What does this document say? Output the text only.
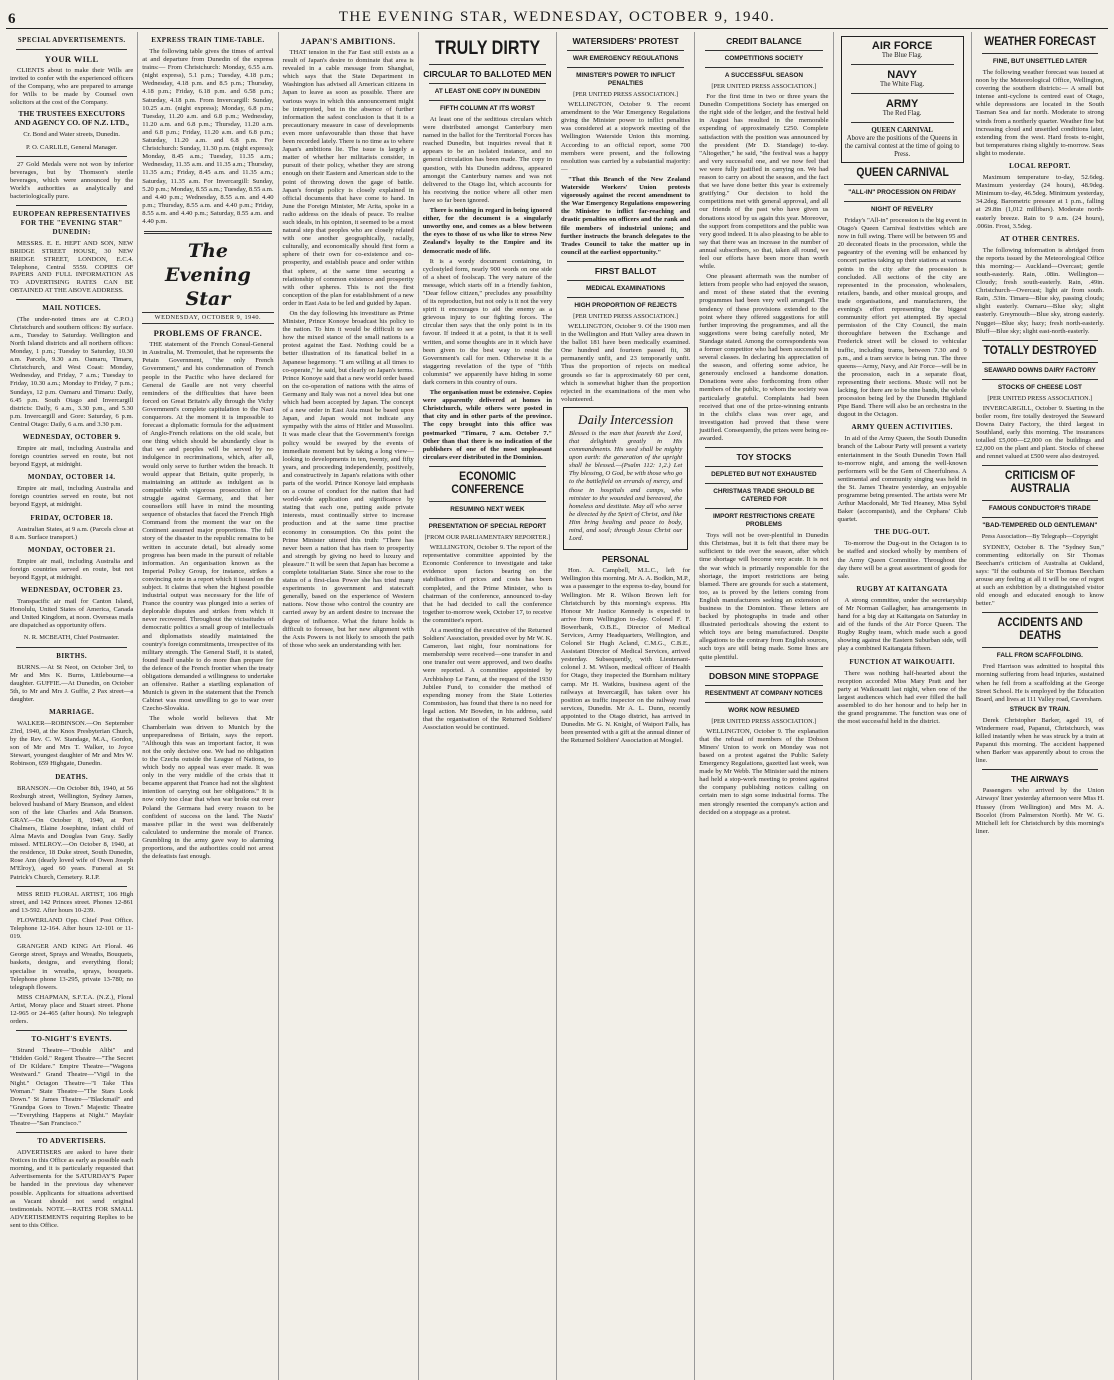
6	THE EVENING STAR, WEDNESDAY, OCTOBER 9, 1940.
SPECIAL ADVERTISEMENTS.
YOUR WILL

CLIENTS about to make their Wills are invited to confer with the experienced officers of the Company, who are prepared to arrange for Wills to be made by Counsel own solicitors at the cost of the Company.

THE TRUSTEES EXECUTORS AND AGENCY CO. OF N.Z. LTD.,
Cr. Bond and Water streets, Dunedin.
P. O. CARLILE, General Manager.

27 Gold Medals were not won by inferior beverages, but by Thomson's sterile beverages, which were announced by the World's authorities as analytically and bacteriologically pure.

EUROPEAN REPRESENTATIVES FOR THE "EVENING STAR" DUNEDIN:

MESSRS. E. E. HEPT AND SON, NEW BRIDGE STREET HOUSE, 30 NEW BRIDGE STREET, LONDON, E.C.4. Telephone, Central 5559. COPIES OF PAPERS AND FULL INFORMATION AS TO ADVERTISING RATES CAN BE OBTAINED AT THE ABOVE ADDRESS.

MAIL NOTICES.

(The under-noted times are at C.P.O.) Christchurch and southern offices: By surface. a.m., Tuesday to Saturday. Wellington and North Island districts and all northern offices: Monday, 1 p.m.; Tuesday to Saturday, 10.30 a.m. Parcels, 9.30 a.m. Oamaru, Timaru, Christchurch, and West Coast: Monday, Wednesday, and Friday, 7 a.m.; Tuesday to Friday, 10.30 a.m.; Monday to Friday, 7 p.m.; Sundays, 12 p.m. Oamaru and Timaru: Daily, 6.45 p.m. South Otago and Invercargill districts: Daily, 6 a.m., 3.30 p.m., and 5.30 p.m. Invercargill and Gore: Saturday, 6 p.m. Central Otago: Daily, 6 a.m. and 3.30 p.m.

WEDNESDAY, OCTOBER 9.

Empire air mail, including Australia and foreign countries served en route, but not beyond Egypt, at midnight.

MONDAY, OCTOBER 14.

Empire air mail, including Australia and foreign countries served en route, but not beyond Egypt, at midnight.

FRIDAY, OCTOBER 18.

Australian States, at 9 a.m. (Parcels close at 8 a.m. Surface transport.)

MONDAY, OCTOBER 21.

Empire air mail, including Australia and foreign countries served en route, but not beyond Egypt, at midnight.

WEDNESDAY, OCTOBER 23.

Transpacific air mail for Canton Island, Honolulu, United States of America, Canada and United Kingdom, at noon. Overseas mails are dispatched as opportunity offers.

N. R. MCBEATH, Chief Postmaster.
BIRTHS.

BURNS.—At St Neot, on October 3rd, to Mr and Mrs K. Burns, Littlebourne—a daughter. GUFFIE.—At Dunedin, on October 5th, to Mr and Mrs J. Guffie, 2 Pax street—a daughter.

MARRIAGE.

WALKER—ROBINSON.—On September 23rd, 1940, at the Knox Presbyterian Church, by the Rev. C. W. Standage, M.A., Gordon, son of Mr and Mrs T. Walker, to Joyce Stewart, youngest daughter of Mr and Mrs W. Robinson, 659 Highgate, Dunedin.

DEATHS.

BRANSON.—On October 8th, 1940, at 56 Roxburgh street, Wellington, Sydney James, beloved husband of Mary Branson, and eldest son of the late Charles and Ada Branson. GRAY.—On October 8, 1940, at Port Chalmers, Elaine Josephine, infant child of Alma Mavis and Douglas Ivan Gray. Sadly missed. M'ELROY.—On October 8, 1940, at the residence, 18 Duke street, South Dunedin, Rose Ann (dearly loved wife of Owen Joseph M'Elroy), aged 60 years. Funeral at St Patrick's Church, Cemetery. R.I.P.

MISS REID FLORAL ARTIST, 106 High street, and 142 Princes street. Phones 12-861 and 13-592. After hours 10-239.

FLOWERLAND Opp. Chief Post Office. Telephone 12-164. After hours 12-101 or 11-019.

GRANGER AND KING Art Floral. 46 George street, Sprays and Wreaths, Bouquets, baskets, designs, and everything floral; specialise in wreaths, sprays, bouquets. Telephone phone 13-295, private 13-780; no telegraph flowers.

MISS CHAPMAN, S.F.T.A. (N.Z.), Floral Artist, Moray place and Stuart street. Phone 12-965 or 24-465 (after hours). No telegraph orders.

TO-NIGHT'S EVENTS.

Strand Theatre—"Double Alibi" and "Hidden Gold." Regent Theatre—"The Secret of Dr Kildare." Empire Theatre—"Wagons Westward." Grand Theatre—"Vigil in the Night." Octagon Theatre—"I Take This Woman." State Theatre—"The Stars Look Down." St James Theatre—"Blackmail" and "Grandpa Goes to Town." Majestic Theatre—"Everything Happens at Night." Mayfair Theatre—"San Francisco."

TO ADVERTISERS.

ADVERTISERS are asked to have their Notices in this Office as early as possible each morning, and it is particularly requested that Advertisements for the SATURDAY'S Paper be handed in the previous day whenever possible. Applicants for situations advertised as Vacant should not send original testimonials. NOTE.—RATES FOR SMALL ADVERTISEMENTS requiring Replies to be sent to this Office.

EXPRESS TRAIN TIME-TABLE.

The following table gives the times of arrival at and departure from Dunedin of the express trains:— From Christchurch: Monday, 6.55 a.m. (night express), 5.1 p.m.; Tuesday, 4.18 p.m.; Wednesday, 4.18 p.m. and 8.5 p.m.; Thursday, 4.18 p.m.; Friday, 6.18 p.m. and 6.58 p.m.; Saturday, 4.18 p.m. From Invercargill: Sunday, 10.25 a.m. (night express); Monday, 6.8 p.m.; Tuesday, 11.20 a.m. and 6.8 p.m.; Wednesday, 11.20 a.m. and 6.8 p.m.; Thursday, 11.20 a.m. and 6.8 p.m.; Friday, 11.20 a.m. and 6.8 p.m.; Saturday, 11.20 a.m. and 6.8 p.m. For Christchurch: Sunday, 11.30 p.m. (night express); Monday, 8.45 a.m.; Tuesday, 11.35 a.m.; Wednesday, 11.35 a.m. and 11.35 a.m.; Thursday, 11.35 a.m.; Friday, 8.45 a.m. and 11.35 a.m.; Saturday, 11.35 a.m. For Invercargill: Sunday, 5.20 p.m.; Monday, 8.55 a.m.; Tuesday, 8.55 a.m. and 4.40 p.m.; Wednesday, 8.55 a.m. and 4.40 p.m.; Thursday, 8.55 a.m. and 4.40 p.m.; Friday, 8.55 a.m. and 4.40 p.m.; Saturday, 8.55 a.m. and 4.40 p.m.

The Evening Star
WEDNESDAY, OCTOBER 9, 1940.
PROBLEMS OF FRANCE.

THE statement of the French Consul-General in Australia, M. Tremoulet, that he represents the Petain Government, "the only French Government," and his condemnation of French people in the Pacific who have declared for General de Gaulle are not very cheerful reminders of the difficulties that have been forced on Great Britain's ally through the Vichy Government's complete capitulation to the Nazi conquerors. At the moment it is impossible to forecast a diplomatic formula for the adjustment of Anglo-French relations on the old scale, but one thing which should be abundantly clear is that we and peoples will be served by no indulgence in recriminations, which, after all, would only serve to further widen the breach. It would appear that Britain, quite properly, is maintaining an attitude as indulgent as is compatible with vigorous prosecution of her struggle against Germany, and that her counsellors still have in mind the mounting sequence of obstacles that faced the French High Command from the moment the war on the Continent assumed major proportions. The full story of the disaster in the republic remains to be written in accurate detail, but already some progress has been made in the pursuit of reliable information. An organisation known as the Imperial Policy Group, for instance, strikes a convincing note in a report which it issued on the subject. It claims that when the highest possible industrial output was necessary for the life of France the country was plunged into a series of deplorable disputes and strikes from which it never recovered. Throughout the vicissitudes of democratic politics a small group of intellectuals and diplomatists steadily maintained the country's foreign commitments, irrespective of its military strength. The General Staff, it is stated, found itself unable to do more than prepare for the defence of the French frontier when the treaty obligations demanded a willingness to undertake an offensive. Rather a startling explanation of Munich is given in the statement that the French Cabinet was most unwilling to go to war over Czecho-Slovakia.

The whole world believes that Mr Chamberlain was driven to Munich by the unpreparedness of Britain, says the report. "Although this was an important factor, it was not the only decisive one. We had no obligation to the Czechs outside the League of Nations, to which body no appeal was ever made. It was only in the very middle of the crisis that it became apparent that France had not the slightest intention of carrying out her obligations." It is now only too clear that when war broke out over Poland the Germans had every reason to be confident of success on the land. The Nazis' massive pillar in the west was deliberately calculated to undermine the morale of France. Grumbling in the army gave way to alarming proportions, and the authorities could not arrest the defeatists fast enough.

JAPAN'S AMBITIONS.

THAT tension in the Far East still exists as a result of Japan's desire to dominate that area is revealed in a cable message from Shanghai, which says that the State Department in Washington has advised all American citizens in Japan to leave as soon as possible. There are various ways in which this announcement might be interpreted, but in the absence of further information the safest conclusion is that it is a precautionary measure in case of developments even more unfavourable than those that have been recorded lately. There is no time as to where Japan's ambitions lie. The issue is largely a matter of whether her militarists consider, in pursuit of their policy, whether they are strong enough on their Eastern and American side to the point of throwing down the gage of battle. Japan's foreign policy is closely explained in official documents that have come to hand. In June the Foreign Minister, Mr Arita, spoke in a radio address on the ideals of peace. To realise such ideals, in his opinion, it seemed to be a most natural step that peoples who are closely related with one another geographically, racially, culturally, and economically should first form a sphere of their own for co-existence and co-prosperity, and establish peace and order within that sphere, at the same time securing a relationship of common existence and prosperity with other spheres. This is not the first conception of the plan for establishment of a new order in East Asia to be led and guided by Japan.

On the day following his investiture as Prime Minister, Prince Konoye broadcast his policy to the nation. To him it would be difficult to see how the mixed stance of the small nations is a protest against the East. Nothing could be a better illustration of its fanatical belief in a Japanese hegemony. "I am willing at all times to co-operate," he said, but clearly on Japan's terms. Prince Konoye said that a new world order based on the co-operation of nations with the aims of Germany and Italy was not a novel idea but one which had been accepted by Japan. The concept of a new order in East Asia must be based upon Japan, and Japan would not indicate any sympathy with the aims of Hitler and Mussolini. It was made clear that the Government's foreign policy would be swayed by the events of immediate moment but by taking a long view—looking to developments in ten, twenty, and fifty years, and proceeding independently, positively, and constructively in Japan's relations with other parts of the world. Prince Konoye laid emphasis on a course of conduct for the nation that had world-wide application and significance by stating that each one, putting aside private interests, must continually strive to increase production and at the same time practise economy in consumption. On this point the Prime Minister uttered this truth: "There has never been a nation that has risen to prosperity and strength by giving no heed to luxury and pleasure." It will be seen that Japan has become a complete totalitarian State. Since she rose to the status of a first-class Power she has tried many experiments in government and statecraft generally, based on the experience of Western nations. Now those who control the country are carried away by an ardent desire to increase the degree of influence. What the future holds is difficult to foresee, but her new alignment with the Axis Powers is not likely to smooth the path of those who seek an understanding with her.

TRULY DIRTY
CIRCULAR TO BALLOTED MEN
AT LEAST ONE COPY IN DUNEDIN
FIFTH COLUMN AT ITS WORST

At least one of the seditious circulars which were distributed amongst Canterbury men named in the ballot for the Territorial Forces has reached Dunedin, but inquiries reveal that it appears to be an isolated instance, and no general circulation has been made. The copy in question, with his Dunedin address, appeared amongst the Canterbury names and was not delivered to the Otago list, which accounts for his receiving the notice where all other men have so far been ignored.

There is nothing in regard in being ignored either, for the document is a singularly unworthy one, and comes as a blow between the eyes to those of us who like to stress New Zealand's loyalty to the Empire and its democratic mode of life.

It is a wordy document containing, in cyclostyled form, nearly 900 words on one side of a sheet of foolscap. The very nature of the message, which starts off in a friendly fashion, "Dear fellow citizen," precludes any possibility of its reproduction, but not only is it not the very spirit it encourages to aid the enemy as a grievous injury to our fighting forces. The circular then says that the only point is in its favour. If indeed it at a point, is that it is well written, and some thoughts are in it which have been given to the best way to resist the Government's call for men. Otherwise it is a staggering revelation of the type of "fifth columnist" we apparently have hiding in some dark corners in this country of ours.

The organisation must be extensive. Copies were apparently delivered at homes in Christchurch, while others were posted in that city and in other parts of the province. The copy brought into this office was postmarked "Timaru, 7 a.m. October 7." Other than that there is no indication of the publishers of one of the most unpleasant circulars ever distributed in the Dominion.

ECONOMIC CONFERENCE
RESUMING NEXT WEEK
PRESENTATION OF SPECIAL REPORT
[FROM OUR PARLIAMENTARY REPORTER.]

WELLINGTON, October 9. The report of the representative committee appointed by the Economic Conference to investigate and take evidence upon factors bearing on the stabilisation of prices and costs has been completed, and the Prime Minister, who is chairman of the conference, announced to-day that he had decided to call the conference together to-morrow week, October 17, to receive the committee's report.

At a meeting of the executive of the Returned Soldiers' Association, presided over by Mr W. K. Cameron, last night, four nominations for membership were received—one transfer in and one transfer out were approved, and two deaths were reported. A committee appointed by Archbishop Le Fanu, at the request of the 1930 Jubilee Fund, to consider the method of expending money from the State Lotteries Commission, has found that there is no need for legal action. Mr Bowden, in his address, said that the organisation of the Returned Soldiers' Association would be continued.

WATERSIDERS' PROTEST
WAR EMERGENCY REGULATIONS
MINISTER'S POWER TO INFLICT PENALTIES
[PER UNITED PRESS ASSOCIATION.]

WELLINGTON, October 9. The recent amendment to the War Emergency Regulations giving the Minister power to inflict penalties was considered at a stopwork meeting of the Wellington Waterside Union this morning. According to an official report, some 700 members were present, and the following resolution was carried by a substantial majority:—

"That this Branch of the New Zealand Waterside Workers' Union protests vigorously against the recent amendment to the War Emergency Regulations empowering the Minister to inflict far-reaching and drastic penalties on officers and the rank and file members of industrial unions; and further instructs the branch delegates to the Trades Council to take the matter up in council at the earliest opportunity."

FIRST BALLOT
MEDICAL EXAMINATIONS
HIGH PROPORTION OF REJECTS
[PER UNITED PRESS ASSOCIATION.]

WELLINGTON, October 9. Of the 1900 men in the Wellington and Hutt Valley area drawn in the ballot 181 have been medically examined. One hundred and fourteen passed fit, 38 permanently unfit, and 23 temporarily unfit. Thus the proportion of rejects on medical grounds so far is approximately 60 per cent, which is somewhat higher than the proportion rejected in the examinations of the men who volunteered.

Daily Intercession

Blessed is the man that feareth the Lord, that delighteth greatly in His commandments. His seed shall be mighty upon earth: the generation of the upright shall be blessed.—(Psalm 112: 1,2.) Let Thy blessing, O God, be with those who go to the battlefield on errands of mercy, and those in hospitals and camps, who minister to the wounded and bereaved, the homeless and destitute. May all who serve be directed by the Spirit of Christ, and like Him bring healing and peace to body, mind, and soul; through Jesus Christ our Lord.

PERSONAL

Hon. A. Campbell, M.L.C., left for Wellington this morning. Mr A. A. Bodkin, M.P., was a passenger to the express to-day, bound for Wellington. Mr R. Wilson Brown left for Christchurch by this morning's express. His Honour Mr Justice Kennedy is expected to arrive from Wellington to-day. Colonel F. F. Bowerbank, O.B.E., Director of Medical Services, Army Headquarters, Wellington, and Colonel Sir Hugh Acland, C.M.G., C.B.E., Assistant Director of Medical Services, arrived yesterday. Subsequently, with Lieutenant-colonel J. M. Wilson, medical officer of Health for Otago, they inspected the Burnham military camp. Mr H. Watkins, business agent of the railways at Invercargill, has taken over his position as traffic inspector on the railway road services, Dunedin. Mr A. L. Dunn, recently appointed to the Otago district, has arrived in Dunedin. Mr G. N. Knight, of Waipori Falls, has been presented with a gift at the annual dinner of the Returned Soldiers' Association at Mosgiel.

CREDIT BALANCE
COMPETITIONS SOCIETY
A SUCCESSFUL SEASON
[PER UNITED PRESS ASSOCIATION.]

For the first time in two or three years the Dunedin Competitions Society has emerged on the right side of the ledger, and the festival held in August has resulted in the memorable expending of approximately £250. Complete satisfaction with the position was announced by the president (Mr D. Standage) to-day. "Altogether," he said, "the festival was a happy and very successful one, and we now feel that we were fully justified in carrying on. We had reason to carry on about the season, and the fact that we have done better this year is extremely gratifying." Our decision to hold the competitions met with general approval, and all our friends of the past who have given us donations stood by us again this year. Moreover, the support from competitors and the public was very good indeed. It is also pleasing to be able to say that there was an increase in the number of annual subscribers, so that, taken all round, we feel our efforts have been more than worth while.

One pleasant aftermath was the number of letters from people who had enjoyed the season, and most of these stated that the evening programmes had been very well arranged. The tendency of these provisions extended to the point where they offered suggestions for still further improving the programmes, and all the suggestions were being carefully noted, Mr Standage stated. Among the correspondents was a former competitor who had been successful in several classes. In declaring his appreciation of the season, and offering some advice, he generously enclosed a handsome donation. Donations were also forthcoming from other members of the public, to whom the society was particularly grateful. Complaints had been received that one of the prize-winning entrants in the child's class was over age, and investigation had proved that these were justified. Consequently, the prizes were being re-awarded.

TOY STOCKS
DEPLETED BUT NOT EXHAUSTED
CHRISTMAS TRADE SHOULD BE CATERED FOR
IMPORT RESTRICTIONS CREATE PROBLEMS

Toys will not be over-plentiful in Dunedin this Christmas, but it is felt that there may be sufficient to tide over the season, after which time shortage will become very acute. It is not the war which is primarily responsible for the shortage, the import restrictions are being blamed. There are grounds for such a statement, too, as is proved by the letters coming from English manufacturers seeking an extension of business in the Dominion. These letters are backed by photographs in trade and other illustrated periodicals showing the extent to which toys are being manufactured. Despite allegations to the contrary from English sources, such toys are still being made. Some lines are quite plentiful.

DOBSON MINE STOPPAGE
RESENTMENT AT COMPANY NOTICES
WORK NOW RESUMED
[PER UNITED PRESS ASSOCIATION.]

WELLINGTON, October 9. The explanation that the refusal of members of the Dobson Miners' Union to work on Monday was not based on a protest against the Public Safety Emergency Regulations, gazetted last week, was made by Mr Webb. The Minister said the miners had held a stop-work meeting to protest against the company publishing notices calling on certain men to sign some industrial forms. The men strongly resented the company's action and decided on a stoppage as a protest.

AIR FORCE
The Blue Flag.
NAVY
The White Flag.
ARMY
The Red Flag.
QUEEN CARNIVAL
Above are the positions of the Queens in the carnival contest at the time of going to Press.
QUEEN CARNIVAL
"ALL-IN" PROCESSION ON FRIDAY
NIGHT OF REVELRY

Friday's "All-in" procession is the big event in Otago's Queen Carnival festivities which are now in full swing. There will be between 95 and 20 decorated floats in the procession, while the pageantry of the evening will be enhanced by concert parties taking up their stations at various points in the city after the procession is concluded. All sections of the city are represented in the procession, wholesalers, retailers, bands, and other musical groups, and trade organisations, and manufacturers, the evening's effort representing the biggest community effort yet attempted. By special permission of the City Council, the main thoroughfare between the Exchange and Frederick street will be closed to vehicular traffic, including trams, between 7.30 and 9 p.m., and a tram service is being run. The three queens—Army, Navy, and Air Force—will be in the procession, each in a separate float, representing their sections. Music will not be lacking, for there are to be nine bands, the whole procession being led by the Dunedin Highland Pipe Band. There will also be an orchestra in the dugout in the Octagon.

ARMY QUEEN ACTIVITIES.

In aid of the Army Queen, the South Dunedin branch of the Labour Party will present a variety entertainment in the South Dunedin Town Hall to-morrow night, and among the well-known performers will be the Gem of Cheerfulness. A sentimental and community singing was held in the St. James Theatre yesterday, an enjoyable programme being presented. The artists were Mr Arthur Macdonald, Mr Ted Heaney, Miss Sybil Baker (accompanist), and the Orphans' Club quartet.

THE DUG-OUT.

To-morrow the Dug-out in the Octagon is to be staffed and stocked wholly by members of the Army Queen Committee. Throughout the day there will be a great assortment of goods for sale.

RUGBY AT KAITANGATA

A strong committee, under the secretaryship of Mr Norman Gallagher, has arrangements in hand for a big day at Kaitangata on Saturday in aid of the funds of the Air Force Queen. The Rugby Rugby team, which made such a good showing against the Eastern Suburban side, will play a combined Kaitangata fifteen.

FUNCTION AT WAIKOUAITI.

There was nothing half-hearted about the reception accorded Miss Mary Pratt and her party at Waikouaiti last night, when one of the largest audiences which had ever filled the hall assembled to do her honour and to help her in the grand programme. The function was one of the most successful held in the district.

WEATHER FORECAST
FINE, BUT UNSETTLED LATER

The following weather forecast was issued at noon by the Meteorological Office, Wellington, covering the southern districts:— A small but intense anti-cyclone is centred east of Otago, while depressions are located in the South Tasman Sea and far north. Moderate to strong winds from a northerly quarter. Weather fine but increasing cloud and unsettled conditions later, extending from the west. Hard frosts to-night, but temperatures rising slightly to-morrow. Seas slight to moderate.

LOCAL REPORT.

Maximum temperature to-day, 52.6deg. Maximum yesterday (24 hours), 48.9deg. Minimum to-day, 46.5deg. Minimum yesterday, 34.2deg. Barometric pressure at 1 p.m., falling at 29.8in (1,012 millibars). Moderate north-easterly breeze. Rain to 9 a.m. (24 hours), .006in. Frost, 3.5deg.

AT OTHER CENTRES.

The following information is abridged from the reports issued by the Meteorological Office this morning:— Auckland—Overcast; gentle south-easterly. Rain, .08in. Wellington—Cloudy; fresh south-easterly. Rain, .49in. Christchurch—Overcast; light air from south. Rain, .53in. Timaru—Blue sky, passing clouds; slight easterly. Oamaru—Blue sky; slight easterly. Greymouth—Blue sky, strong easterly. Nugget—Blue sky; hazy; fresh north-easterly. Bluff—Blue sky; slight east-north-easterly.

TOTALLY DESTROYED
SEAWARD DOWNS DAIRY FACTORY
STOCKS OF CHEESE LOST
[PER UNITED PRESS ASSOCIATION.]

INVERCARGILL, October 9. Starting in the boiler room, fire totally destroyed the Seaward Downs Dairy Factory, the third largest in Southland, early this morning. The insurances totalled £5,000—£2,000 on the buildings and £2,000 on the plant and plant. Stocks of cheese and rennet valued at £500 were also destroyed.

CRITICISM OF AUSTRALIA
FAMOUS CONDUCTOR'S TIRADE
"BAD-TEMPERED OLD GENTLEMAN"
Press Association—By Telegraph—Copyright

SYDNEY, October 8. The "Sydney Sun," commenting editorially on Sir Thomas Beecham's criticism of Australia at Oakland, says: "If the outbursts of Sir Thomas Beecham arouse any feeling at all it will be one of regret at such an exhibition by a distinguished visitor old enough and educated enough to know better."

ACCIDENTS AND DEATHS
FALL FROM SCAFFOLDING.

Fred Harrison was admitted to hospital this morning suffering from head injuries, sustained when he fell from a scaffolding at the George Street School. He is employed by the Education Board, and lives at 111 Valley road, Caversham.

STRUCK BY TRAIN.

Derek Christopher Barker, aged 19, of Windermere road, Papanui, Christchurch, was killed instantly when he was struck by a train at Papanui this morning. The accident happened when Barker was apparently about to cross the line.

THE AIRWAYS

Passengers who arrived by the Union Airways' liner yesterday afternoon were Miss H. Hussey (from Wellington) and Mrs M. A. Bocelot (from Palmerston North). Mr W. G. Mitchell left for Christchurch by this morning's liner.
